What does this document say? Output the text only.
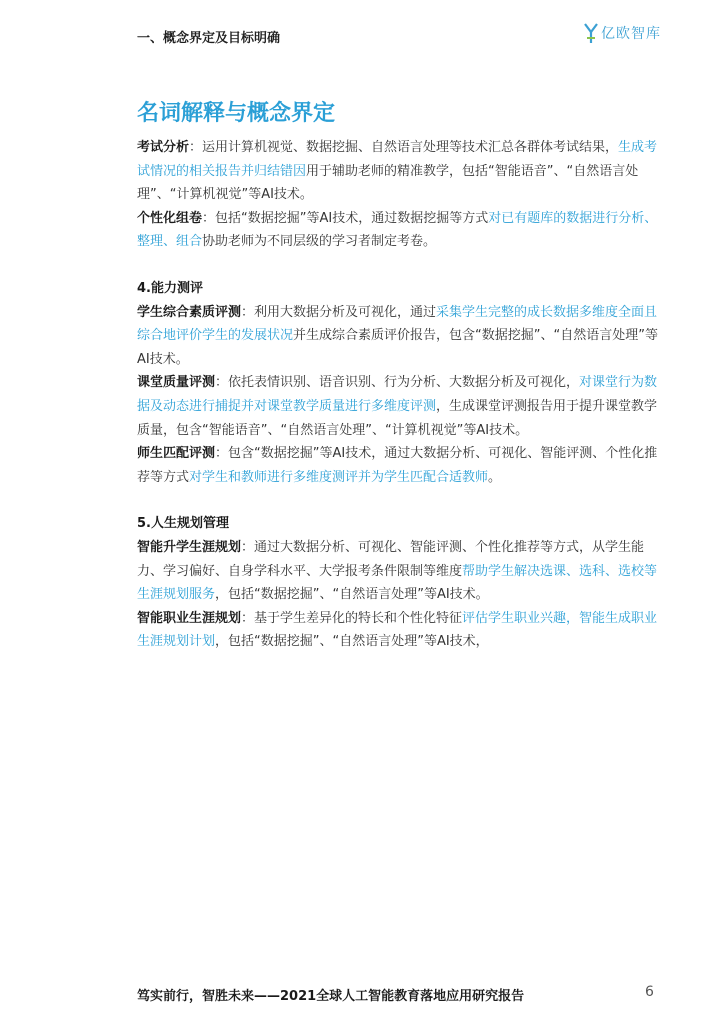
一、概念界定及目标明确	亿欧智库
名词解释与概念界定

考试分析：运用计算机视觉、数据挖掘、自然语言处理等技术汇总各群体考试结果，生成考试情况的相关报告并归结错因用于辅助老师的精准教学，包括“智能语音”、“自然语言处理”、“计算机视觉”等AI技术。

个性化组卷：包括“数据挖掘”等AI技术，通过数据挖掘等方式对已有题库的数据进行分析、整理、组合协助老师为不同层级的学习者制定考卷。

4.能力测评

学生综合素质评测：利用大数据分析及可视化，通过采集学生完整的成长数据多维度全面且综合地评价学生的发展状况并生成综合素质评价报告，包含“数据挖掘”、“自然语言处理”等AI技术。

课堂质量评测：依托表情识别、语音识别、行为分析、大数据分析及可视化，对课堂行为数据及动态进行捕捉并对课堂教学质量进行多维度评测，生成课堂评测报告用于提升课堂教学质量，包含“智能语音”、“自然语言处理”、“计算机视觉”等AI技术。

师生匹配评测：包含“数据挖掘”等AI技术，通过大数据分析、可视化、智能评测、个性化推荐等方式对学生和教师进行多维度测评并为学生匹配合适教师。

5.人生规划管理

智能升学生涯规划：通过大数据分析、可视化、智能评测、个性化推荐等方式，从学生能力、学习偏好、自身学科水平、大学报考条件限制等维度帮助学生解决选课、选科、选校等生涯规划服务，包括“数据挖掘”、“自然语言处理”等AI技术。

智能职业生涯规划：基于学生差异化的特长和个性化特征评估学生职业兴趣，智能生成职业生涯规划计划，包括“数据挖掘”、“自然语言处理”等AI技术，

笃实前行，智胜未来——2021全球人工智能教育落地应用研究报告	6
